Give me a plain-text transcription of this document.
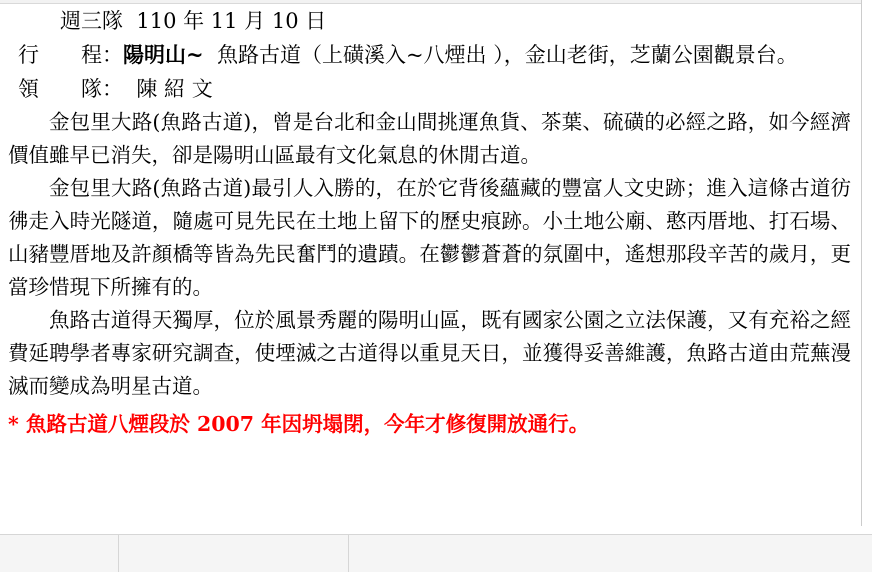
週三隊  110 年 11 月 10 日
行　　程：陽明山~  魚路古道（上磺溪入~八煙出 ），金山老街，芝蘭公園觀景台。
領　　隊：  陳 紹 文

金包里大路(魚路古道)，曾是台北和金山間挑運魚貨、茶葉、硫磺的必經之路，如今經濟價值雖早已消失，卻是陽明山區最有文化氣息的休閒古道。

金包里大路(魚路古道)最引人入勝的，在於它背後蘊藏的豐富人文史跡；進入這條古道彷彿走入時光隧道，隨處可見先民在土地上留下的歷史痕跡。小土地公廟、憨丙厝地、打石場、山豬豐厝地及許顏橋等皆為先民奮鬥的遺蹟。在鬱鬱蒼蒼的氛圍中，遙想那段辛苦的歲月，更當珍惜現下所擁有的。

魚路古道得天獨厚，位於風景秀麗的陽明山區，既有國家公園之立法保護，又有充裕之經費延聘學者專家研究調查，使堙滅之古道得以重見天日，並獲得妥善維護，魚路古道由荒蕪漫滅而變成為明星古道。

* 魚路古道八煙段於 2007 年因坍塌閉，今年才修復開放通行。
